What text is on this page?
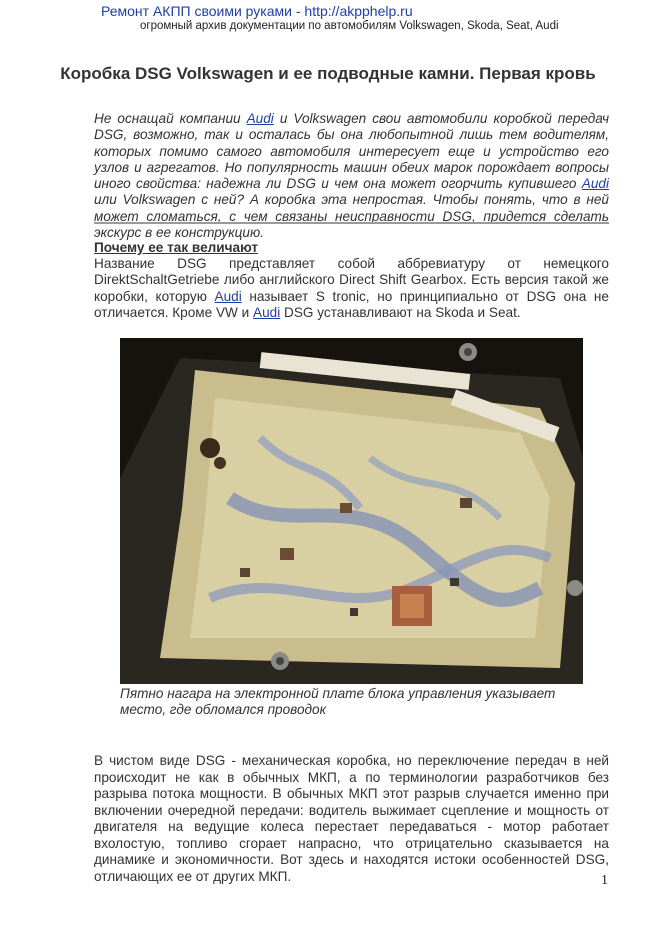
Ремонт АКПП своими руками - http://akpphelp.ru
огромный архив документации по автомобилям Volkswagen, Skoda, Seat, Audi
Коробка DSG Volkswagen и ее подводные камни. Первая кровь
Не оснащай компании Audi и Volkswagen свои автомобили коробкой передач DSG, возможно, так и осталась бы она любопытной лишь тем водителям, которых помимо самого автомобиля интересует еще и устройство его узлов и агрегатов. Но популярность машин обеих марок порождает вопросы иного свойства: надежна ли DSG и чем она может огорчить купившего Audi или Volkswagen с ней? А коробка эта непростая. Чтобы понять, что в ней может сломаться, с чем связаны неисправности DSG, придется сделать экскурс в ее конструкцию.
Почему ее так величают
Название DSG представляет собой аббревиатуру от немецкого DirektSchaltGetriebe либо английского Direct Shift Gearbox. Есть версия такой же коробки, которую Audi называет S tronic, но принципиально от DSG она не отличается. Кроме VW и Audi DSG устанавливают на Skoda и Seat.
Пятно нагара на электронной плате блока управления указывает место, где обломался проводок
В чистом виде DSG - механическая коробка, но переключение передач в ней происходит не как в обычных МКП, а по терминологии разработчиков без разрыва потока мощности. В обычных МКП этот разрыв случается именно при включении очередной передачи: водитель выжимает сцепление и мощность от двигателя на ведущие колеса перестает передаваться - мотор работает вхолостую, топливо сгорает напрасно, что отрицательно сказывается на динамике и экономичности. Вот здесь и находятся истоки особенностей DSG, отличающих ее от других МКП.	1
